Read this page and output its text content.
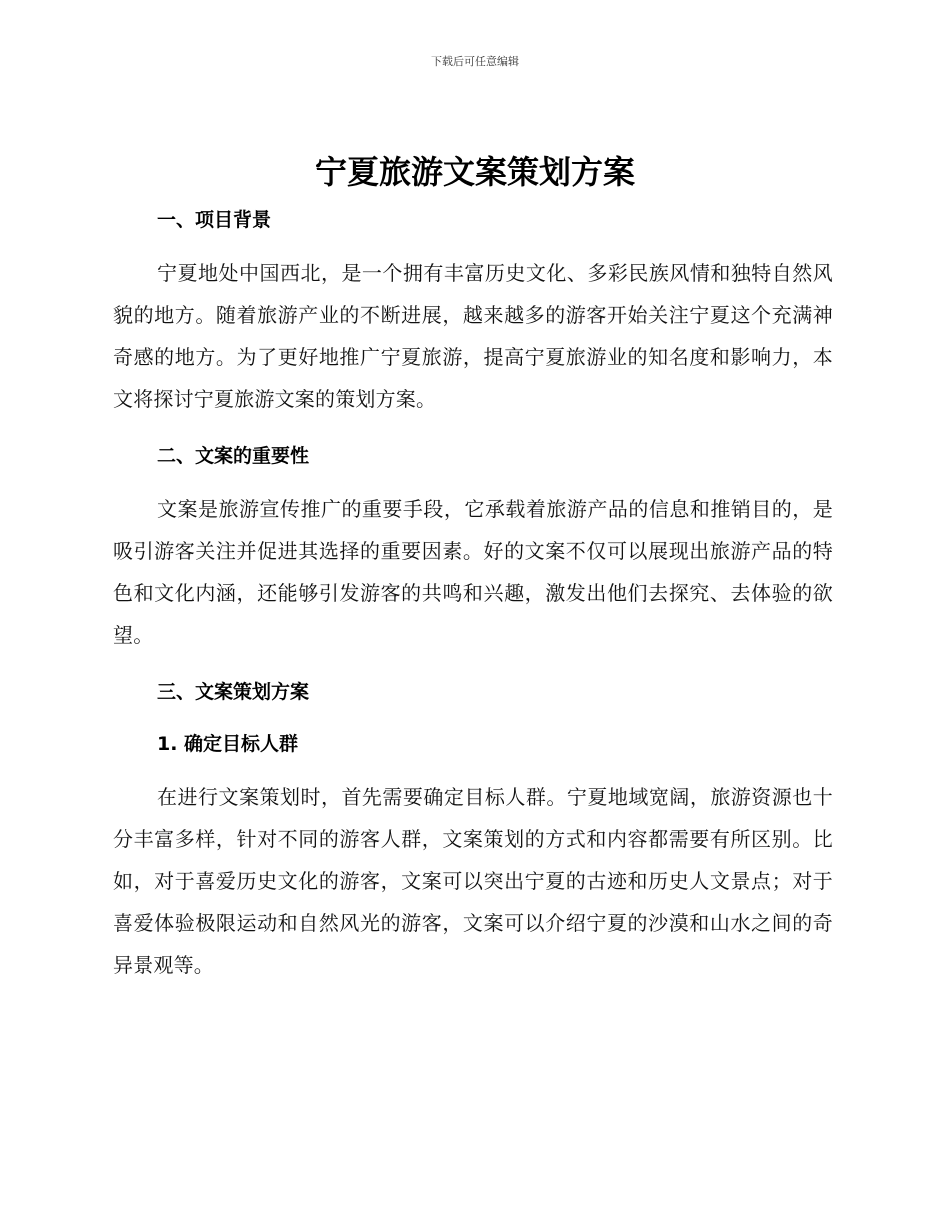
下载后可任意编辑
宁夏旅游文案策划方案
一、项目背景

宁夏地处中国西北，是一个拥有丰富历史文化、多彩民族风情和独特自然风貌的地方。随着旅游产业的不断进展，越来越多的游客开始关注宁夏这个充满神奇感的地方。为了更好地推广宁夏旅游，提高宁夏旅游业的知名度和影响力，本文将探讨宁夏旅游文案的策划方案。

二、文案的重要性

文案是旅游宣传推广的重要手段，它承载着旅游产品的信息和推销目的，是吸引游客关注并促进其选择的重要因素。好的文案不仅可以展现出旅游产品的特色和文化内涵，还能够引发游客的共鸣和兴趣，激发出他们去探究、去体验的欲望。

三、文案策划方案
1. 确定目标人群

在进行文案策划时，首先需要确定目标人群。宁夏地域宽阔，旅游资源也十分丰富多样，针对不同的游客人群，文案策划的方式和内容都需要有所区别。比如，对于喜爱历史文化的游客，文案可以突出宁夏的古迹和历史人文景点；对于喜爱体验极限运动和自然风光的游客，文案可以介绍宁夏的沙漠和山水之间的奇异景观等。
